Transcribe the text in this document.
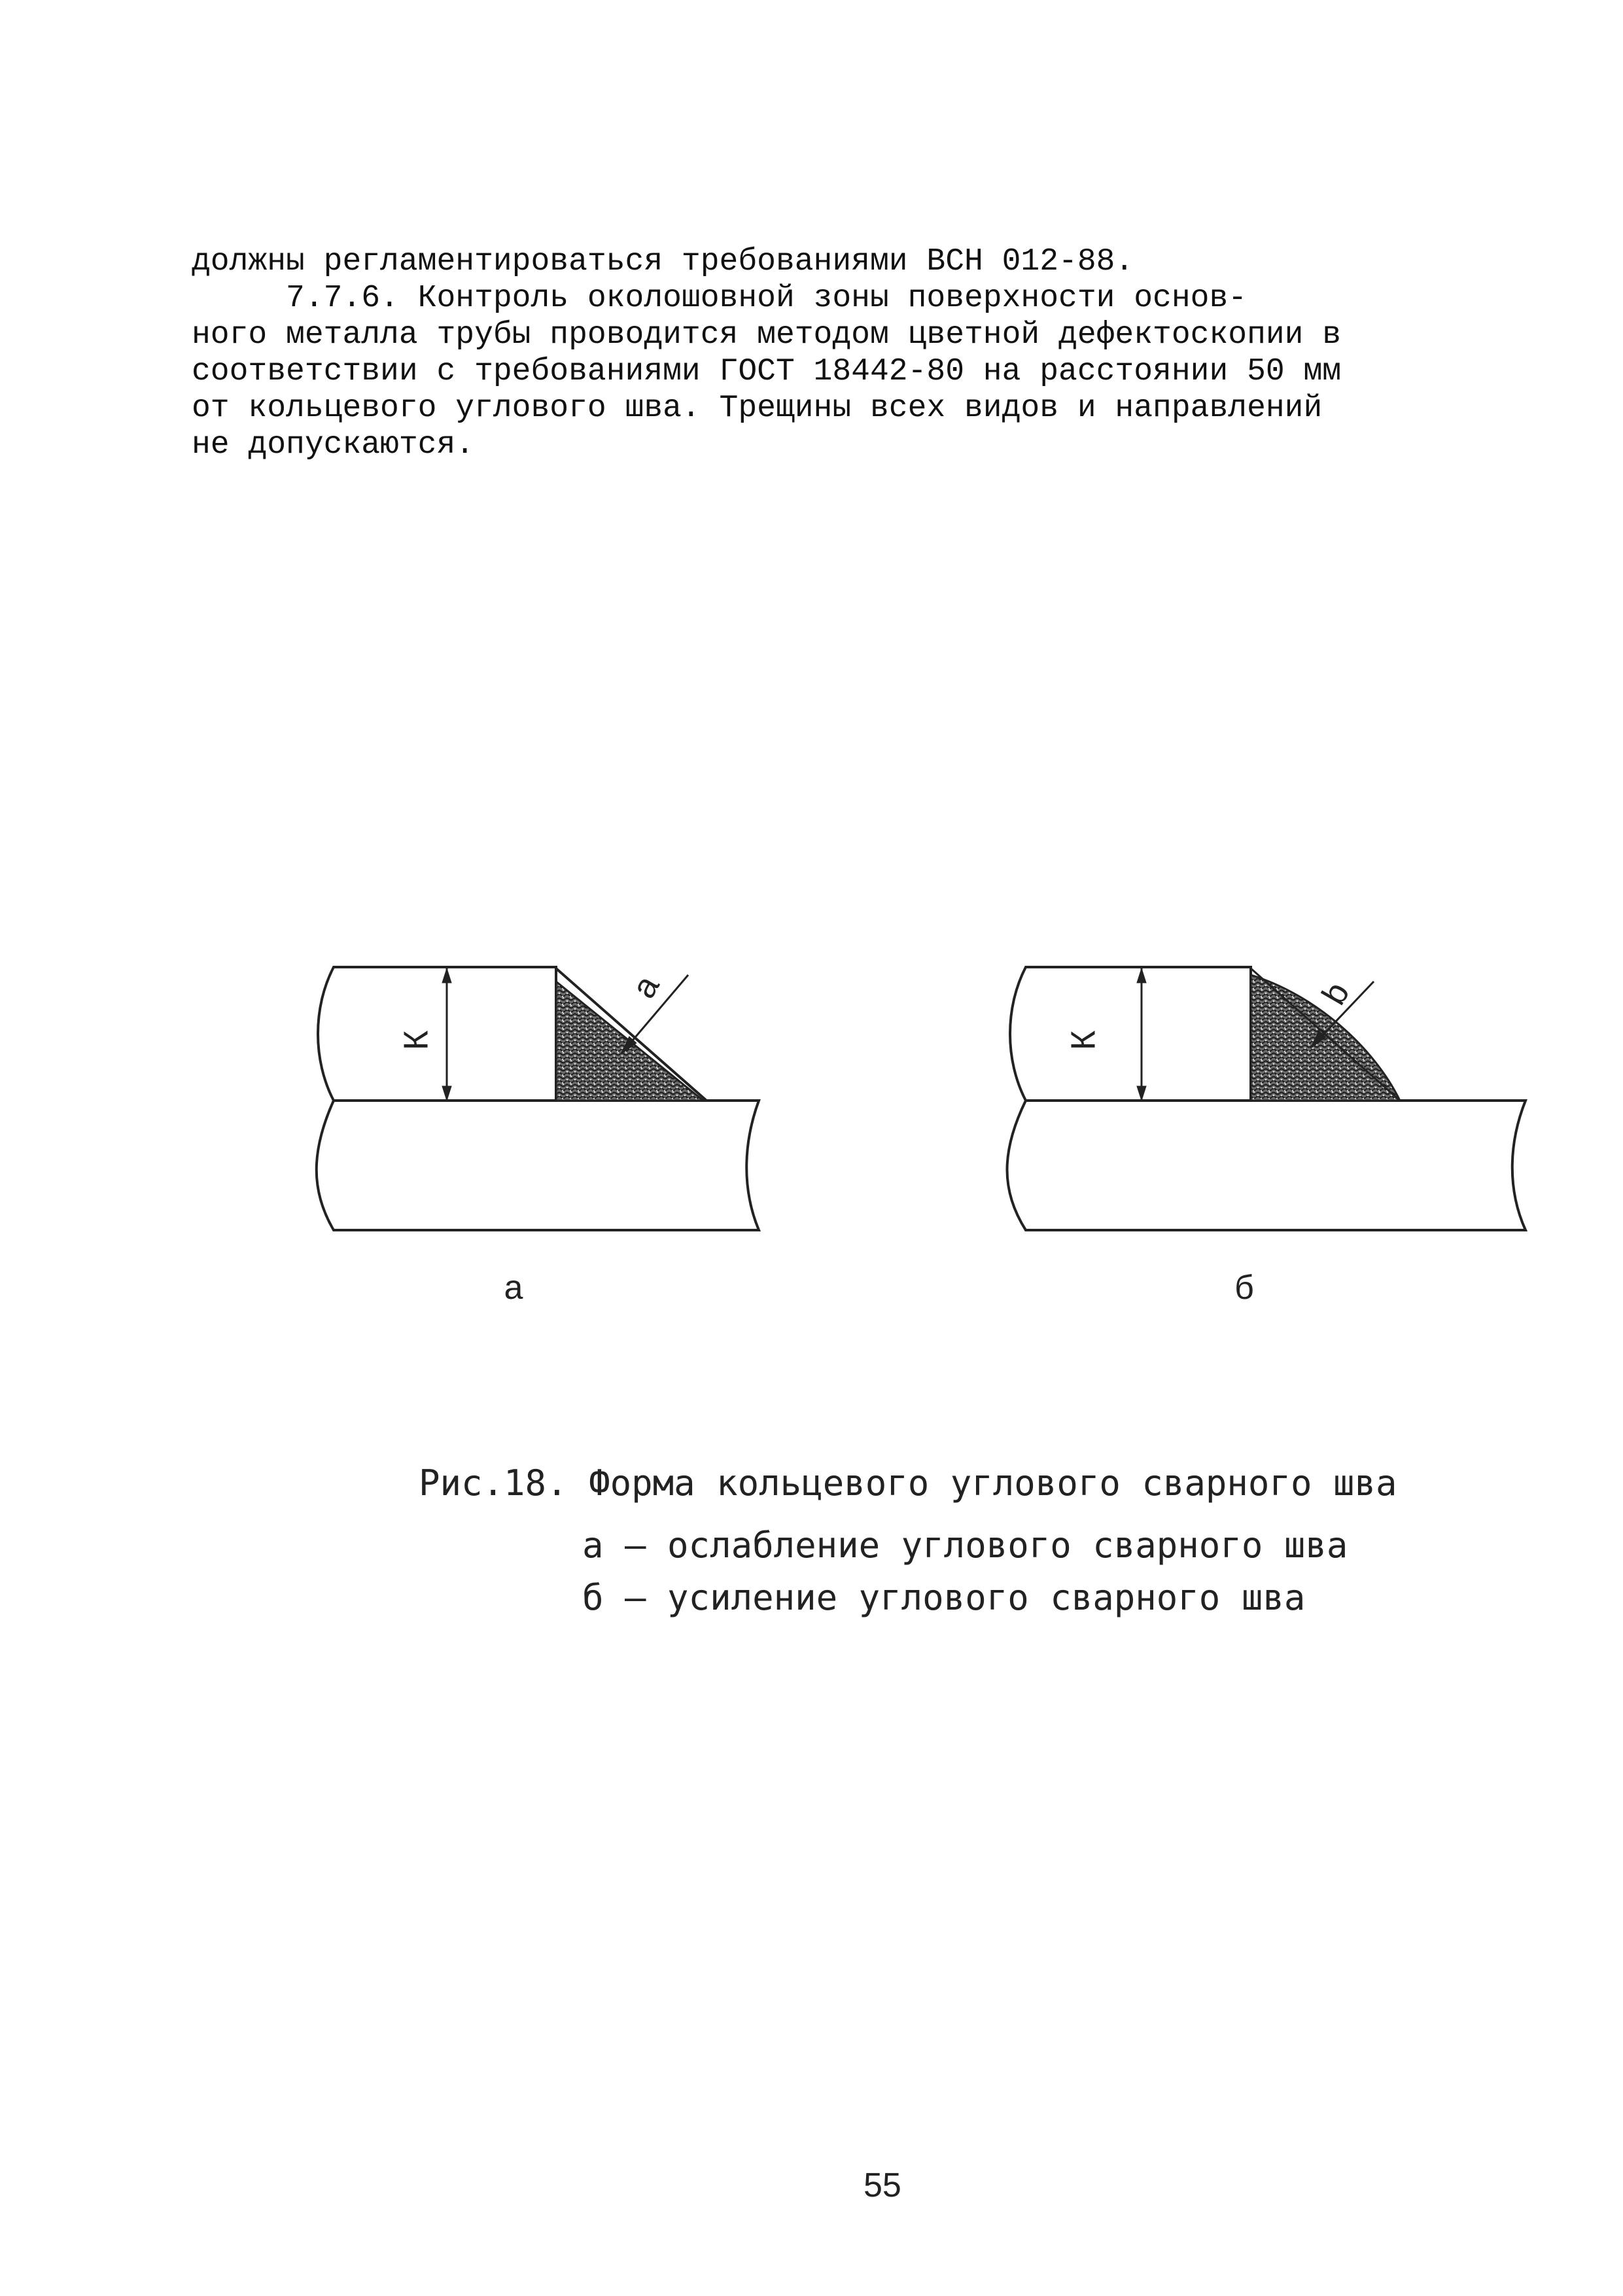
должны регламентироваться требованиями ВСН 012-88.
7.7.6. Контроль околошовной зоны поверхности основ-
ного металла трубы проводится методом цветной дефектоскопии в
соответствии с требованиями ГОСТ 18442-80 на расстоянии 50 мм
от кольцевого углового шва. Трещины всех видов и направлений
не допускаются.
К
a
а
К
b
б
Рис.18. Форма кольцевого углового сварного шва
а – ослабление углового сварного шва
б – усиление углового сварного шва
55
